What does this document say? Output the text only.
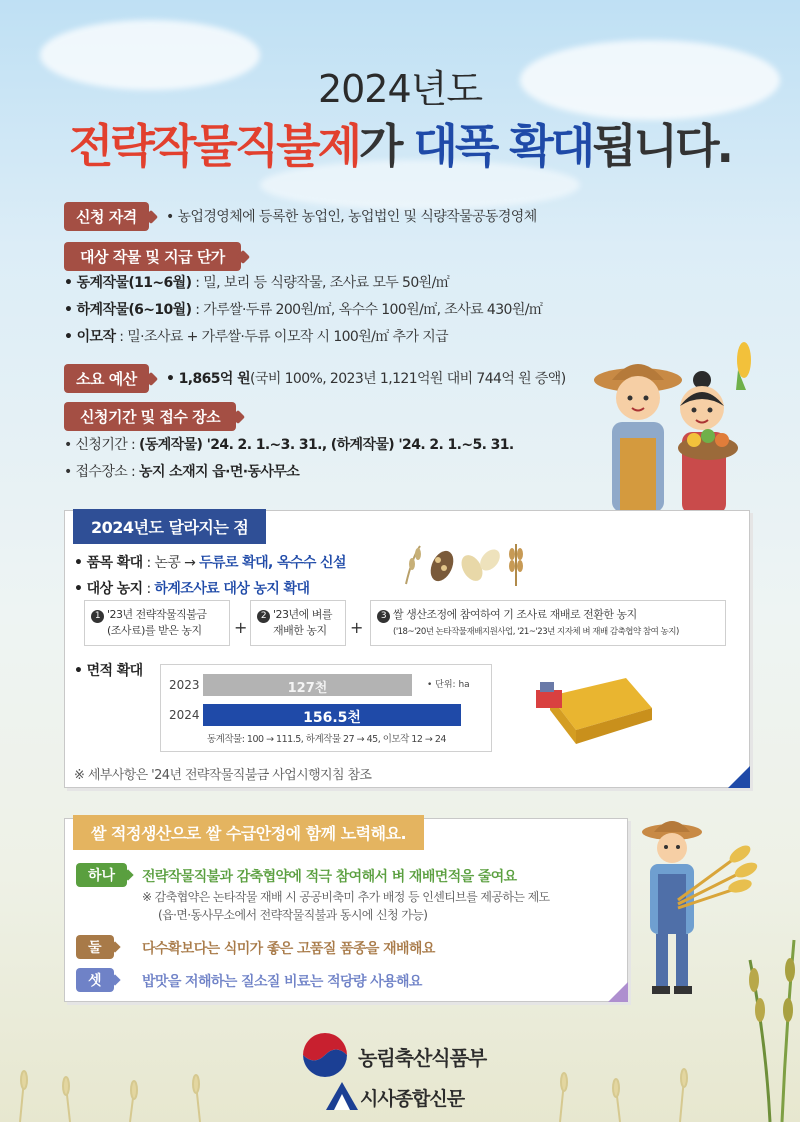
2024년도
전략작물직불제가 대폭 확대됩니다.
신청 자격	• 농업경영체에 등록한 농업인, 농업법인 및 식량작물공동경영체
대상 작물 및 지급 단가
• 동계작물(11~6월) : 밀, 보리 등 식량작물, 조사료 모두 50원/㎡
• 하계작물(6~10월) : 가루쌀·두류 200원/㎡, 옥수수 100원/㎡, 조사료 430원/㎡
• 이모작 : 밀·조사료 + 가루쌀·두류 이모작 시 100원/㎡ 추가 지급
소요 예산	• 1,865억 원(국비 100%, 2023년 1,121억원 대비 744억 원 증액)
신청기간 및 접수 장소
• 신청기간 : (동계작물) '24. 2. 1.~3. 31., (하계작물) '24. 2. 1.~5. 31.
• 접수장소 : 농지 소재지 읍·면·동사무소
2024년도 달라지는 점
• 품목 확대 : 논콩 → 두류로 확대, 옥수수 신설
• 대상 농지 : 하계조사료 대상 농지 확대
1 '23년 전략작물직불금
(조사료)를 받은 농지	+
2 '23년에 벼를
재배한 농지	+
3 쌀 생산조정에 참여하여 기 조사료 재배로 전환한 농지
('18~'20년 논타작물재배지원사업, '21~'23년 지자체 벼 재배 감축협약 참여 농지)
• 면적 확대
2023
2024
127천
156.5천
• 단위: ha
동계작물: 100 → 111.5, 하계작물 27 → 45, 이모작 12 → 24
※ 세부사항은 '24년 전략작물직불금 사업시행지침 참조
쌀 적정생산으로 쌀 수급안정에 함께 노력해요.
하나	전략작물직불과 감축협약에 적극 참여해서 벼 재배면적을 줄여요
※ 감축협약은 논타작물 재배 시 공공비축미 추가 배정 등 인센티브를 제공하는 제도
(읍·면·동사무소에서 전략작물직불과 동시에 신청 가능)
둘	다수확보다는 식미가 좋은 고품질 품종을 재배해요
셋	밥맛을 저해하는 질소질 비료는 적당량 사용해요
농림축산식품부
시사종합신문
